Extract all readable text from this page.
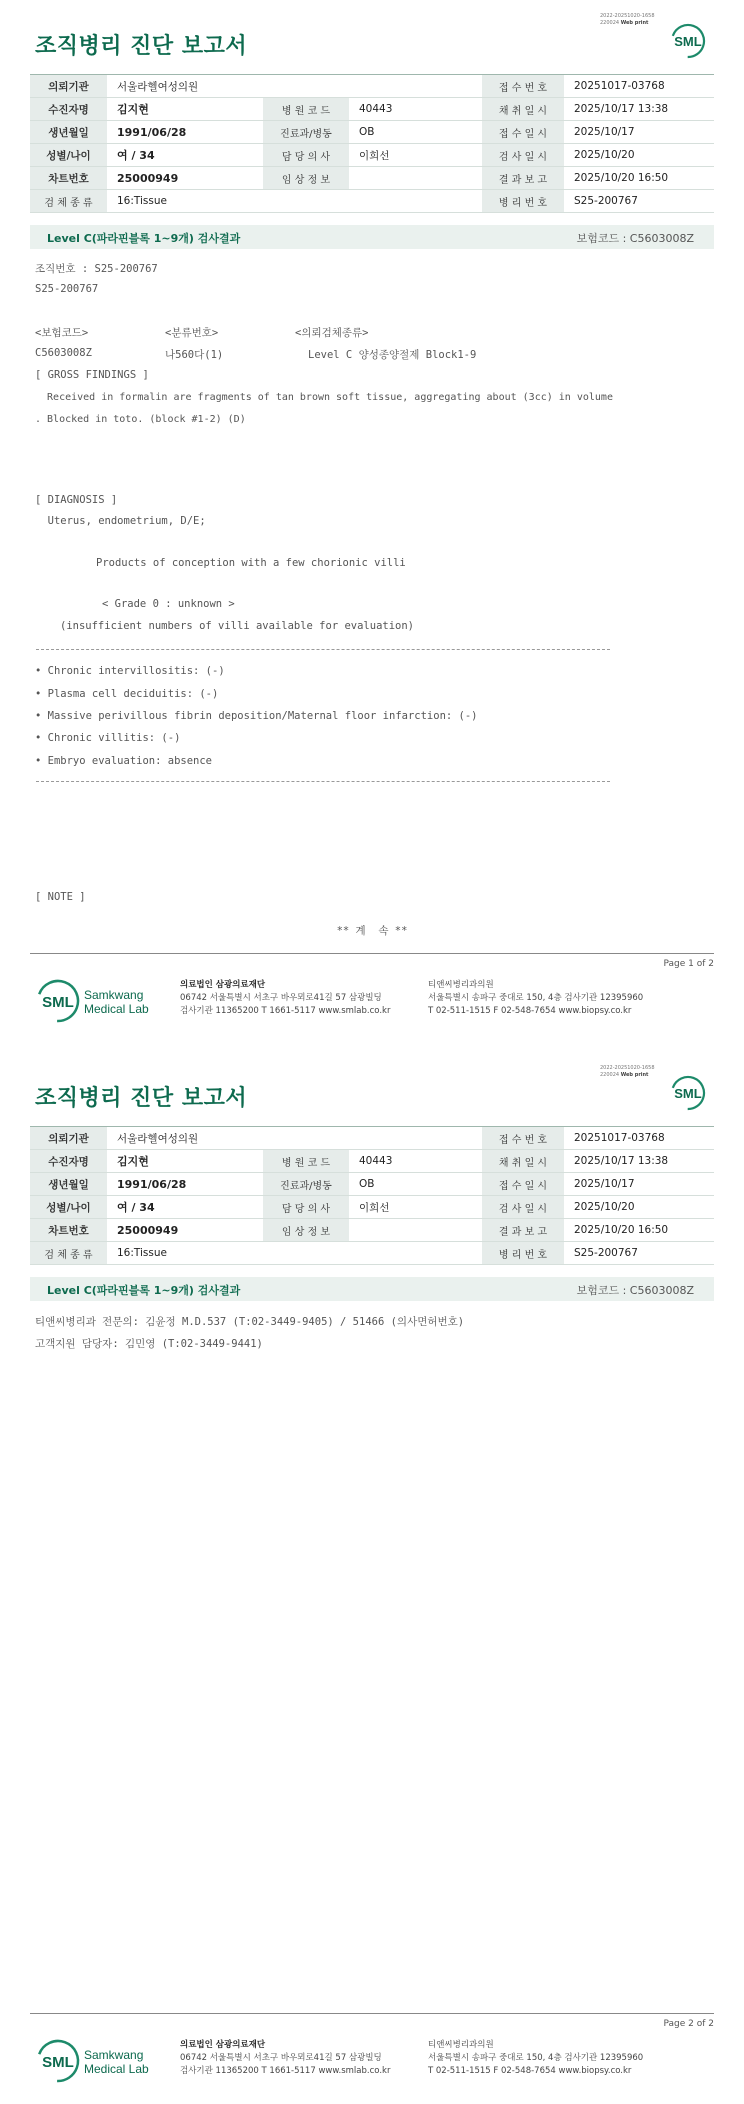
2022-20251020-1658
220024 Web print
조직병리 진단 보고서	SML
의뢰기관	서울라헬여성의원			접 수 번 호	20251017-03768
수진자명	김지현	병 원 코 드	40443	채 취 일 시	2025/10/17 13:38
생년월일	1991/06/28	진료과/병동	OB	접 수 일 시	2025/10/17
성별/나이	여 / 34	담 당 의 사	이희선	검 사 일 시	2025/10/20
차트번호	25000949	임 상 정 보		결 과 보 고	2025/10/20 16:50
검 체 종 류	16:Tissue			병 리 번 호	S25-200767
Level C(파라핀블록 1~9개) 검사결과	보험코드 : C5603008Z
조직번호 : S25-200767
S25-200767
<보험코드>	<분류번호>	<의뢰검체종류>
C5603008Z	나560다(1)	Level C 양성종양절제 Block1-9
[ GROSS FINDINGS ]
Received in formalin are fragments of tan brown soft tissue, aggregating about (3cc) in volume
. Blocked in toto. (block #1-2) (D)
[ DIAGNOSIS ]
Uterus, endometrium, D/E;
Products of conception with a few chorionic villi
< Grade 0 : unknown >
(insufficient numbers of villi available for evaluation)
• Chronic intervillositis: (-)
• Plasma cell deciduitis: (-)
• Massive perivillous fibrin deposition/Maternal floor infarction: (-)
• Chronic villitis: (-)
• Embryo evaluation: absence
[ NOTE ]
** 계  속 **
Page 1 of 2
SML Samkwang
Medical Lab
의료법인 삼광의료재단
06742 서울특별시 서초구 바우뫼로41길 57 삼광빌딩
검사기관 11365200 T 1661-5117 www.smlab.co.kr
티앤씨병리과의원
서울특별시 송파구 중대로 150, 4층 검사기관 12395960
T 02-511-1515 F 02-548-7654 www.biopsy.co.kr
2022-20251020-1658
220024 Web print
조직병리 진단 보고서	SML
의뢰기관	서울라헬여성의원			접 수 번 호	20251017-03768
수진자명	김지현	병 원 코 드	40443	채 취 일 시	2025/10/17 13:38
생년월일	1991/06/28	진료과/병동	OB	접 수 일 시	2025/10/17
성별/나이	여 / 34	담 당 의 사	이희선	검 사 일 시	2025/10/20
차트번호	25000949	임 상 정 보		결 과 보 고	2025/10/20 16:50
검 체 종 류	16:Tissue			병 리 번 호	S25-200767
Level C(파라핀블록 1~9개) 검사결과	보험코드 : C5603008Z
티앤씨병리과 전문의: 김윤정 M.D.537 (T:02-3449-9405) / 51466 (의사면허번호)
고객지원 담당자: 김민영 (T:02-3449-9441)
Page 2 of 2
SML Samkwang
Medical Lab
의료법인 삼광의료재단
06742 서울특별시 서초구 바우뫼로41길 57 삼광빌딩
검사기관 11365200 T 1661-5117 www.smlab.co.kr
티앤씨병리과의원
서울특별시 송파구 중대로 150, 4층 검사기관 12395960
T 02-511-1515 F 02-548-7654 www.biopsy.co.kr
